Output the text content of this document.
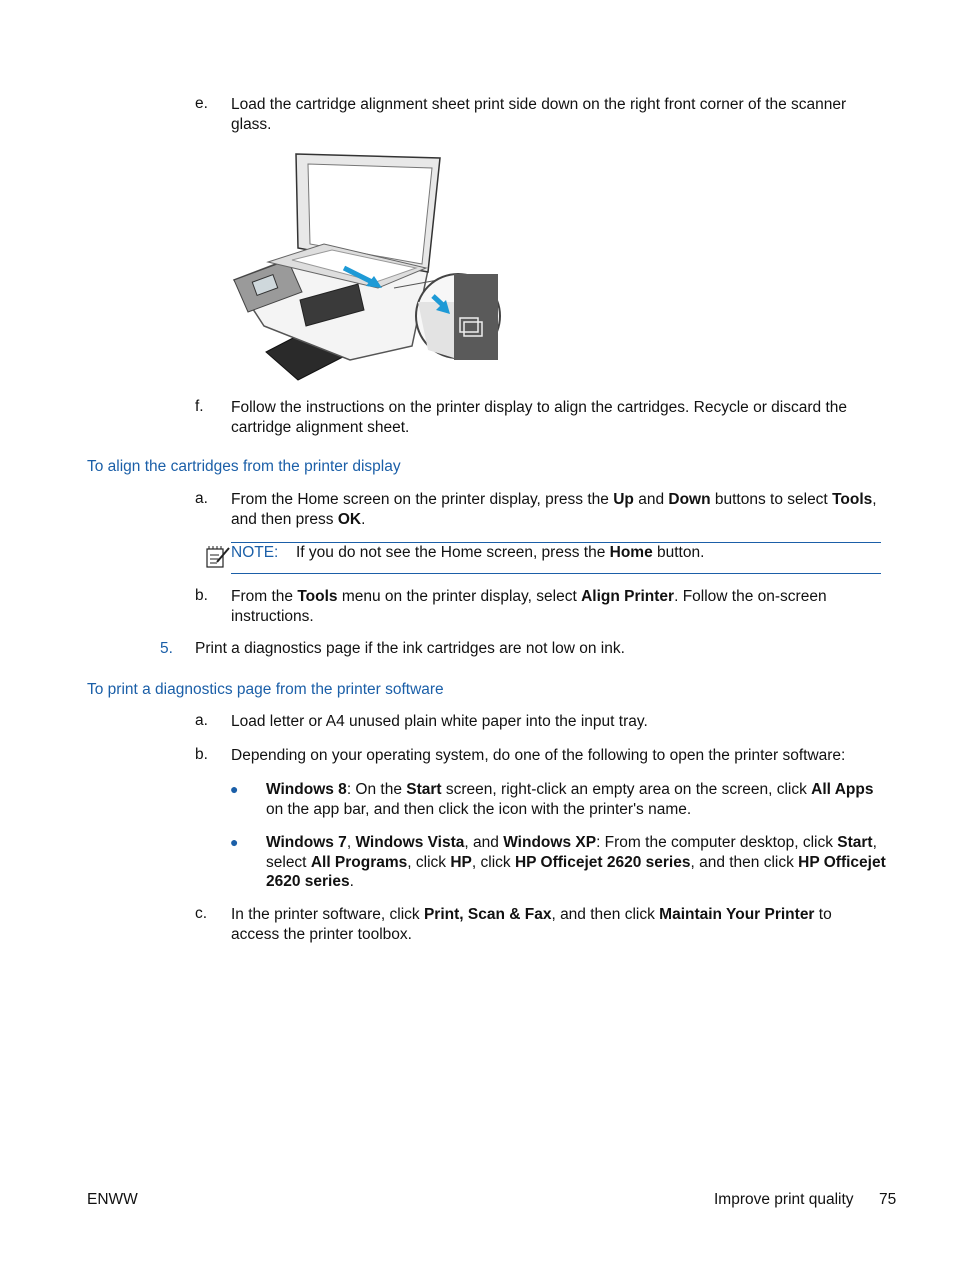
e. Load the cartridge alignment sheet print side down on the right front corner of the scanner glass.
f. Follow the instructions on the printer display to align the cartridges. Recycle or discard the cartridge alignment sheet.
To align the cartridges from the printer display
a. From the Home screen on the printer display, press the Up and Down buttons to select Tools, and then press OK.
NOTE: If you do not see the Home screen, press the Home button.
b. From the Tools menu on the printer display, select Align Printer. Follow the on-screen instructions.
5. Print a diagnostics page if the ink cartridges are not low on ink.
To print a diagnostics page from the printer software
a. Load letter or A4 unused plain white paper into the input tray.
b. Depending on your operating system, do one of the following to open the printer software:
● Windows 8: On the Start screen, right-click an empty area on the screen, click All Apps on the app bar, and then click the icon with the printer's name.
● Windows 7, Windows Vista, and Windows XP: From the computer desktop, click Start, select All Programs, click HP, click HP Officejet 2620 series, and then click HP Officejet 2620 series.
c. In the printer software, click Print, Scan & Fax, and then click Maintain Your Printer to access the printer toolbox.
ENWW	Improve print quality 75
